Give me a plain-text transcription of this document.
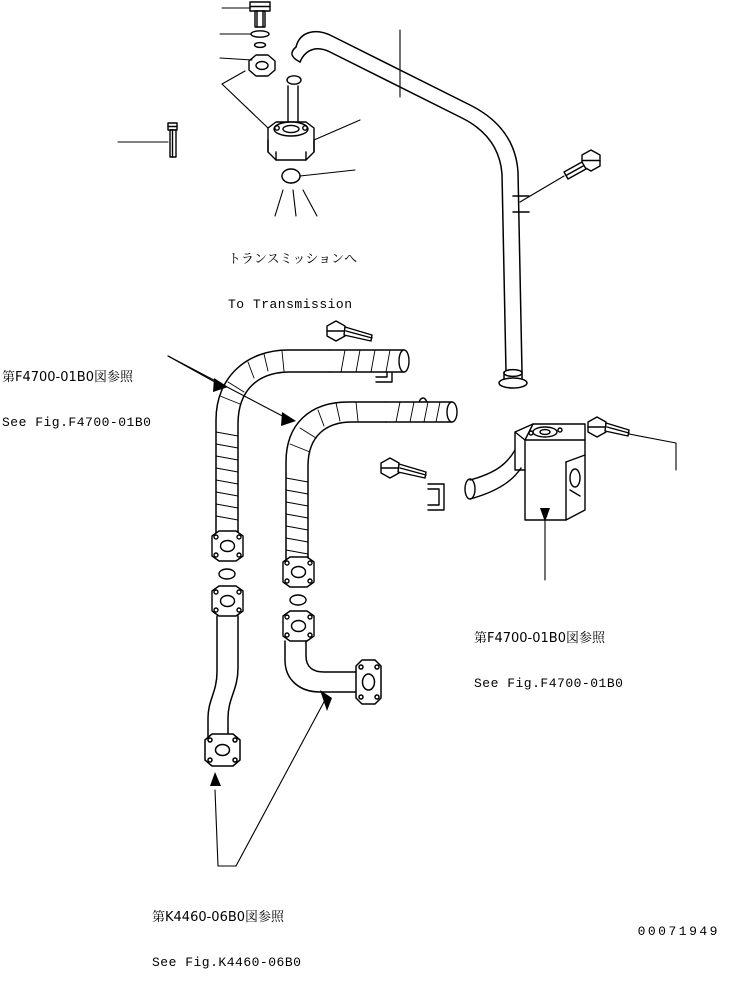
トランスミッションへ

To Transmission

第F4700-01B0図参照

See Fig.F4700-01B0

第F4700-01B0図参照

See Fig.F4700-01B0

第K4460-06B0図参照

See Fig.K4460-06B0

00071949
